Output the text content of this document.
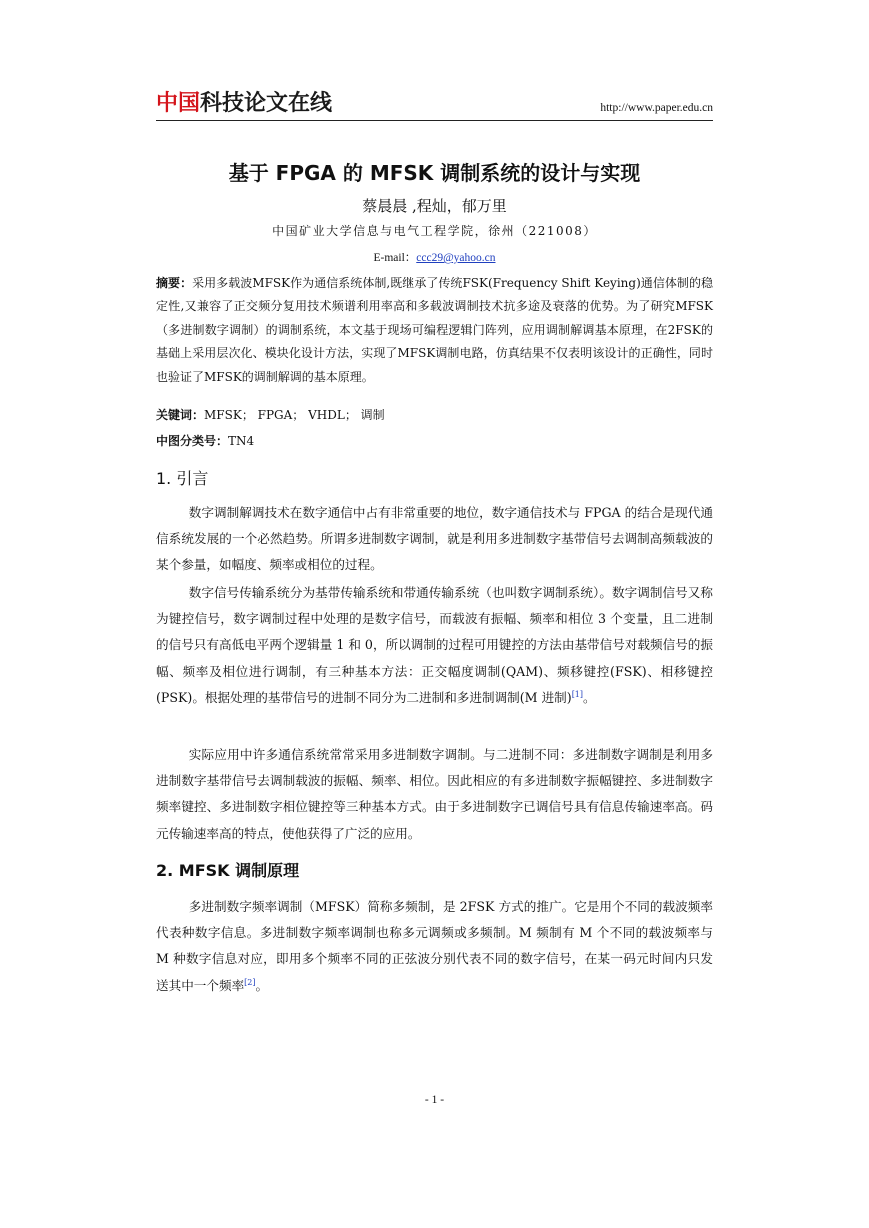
中国科技论文在线	http://www.paper.edu.cn
基于 FPGA 的 MFSK 调制系统的设计与实现
蔡晨晨 ,程灿，郁万里
中国矿业大学信息与电气工程学院，徐州（221008）
E-mail：ccc29@yahoo.cn
摘要：采用多载波MFSK作为通信系统体制,既继承了传统FSK(Frequency Shift Keying)通信体制的稳定性,又兼容了正交频分复用技术频谱利用率高和多载波调制技术抗多途及衰落的优势。为了研究MFSK（多进制数字调制）的调制系统，本文基于现场可编程逻辑门阵列，应用调制解调基本原理，在2FSK的基础上采用层次化、模块化设计方法，实现了MFSK调制电路，仿真结果不仅表明该设计的正确性，同时也验证了MFSK的调制解调的基本原理。
关键词：MFSK； FPGA； VHDL； 调制
中图分类号：TN4
1. 引言
数字调制解调技术在数字通信中占有非常重要的地位，数字通信技术与 FPGA 的结合是现代通信系统发展的一个必然趋势。所谓多进制数字调制，就是利用多进制数字基带信号去调制高频载波的某个参量，如幅度、频率或相位的过程。
数字信号传输系统分为基带传输系统和带通传输系统（也叫数字调制系统）。数字调制信号又称为键控信号，数字调制过程中处理的是数字信号，而载波有振幅、频率和相位 3 个变量，且二进制的信号只有高低电平两个逻辑量 1 和 0，所以调制的过程可用键控的方法由基带信号对载频信号的振幅、频率及相位进行调制，有三种基本方法：正交幅度调制(QAM)、频移键控(FSK)、相移键控(PSK)。根据处理的基带信号的进制不同分为二进制和多进制调制(M 进制)[1]。
实际应用中许多通信系统常常采用多进制数字调制。与二进制不同：多进制数字调制是利用多进制数字基带信号去调制载波的振幅、频率、相位。因此相应的有多进制数字振幅键控、多进制数字频率键控、多进制数字相位键控等三种基本方式。由于多进制数字已调信号具有信息传输速率高。码元传输速率高的特点，使他获得了广泛的应用。
2. MFSK 调制原理
多进制数字频率调制（MFSK）简称多频制，是 2FSK 方式的推广。它是用个不同的载波频率代表种数字信息。多进制数字频率调制也称多元调频或多频制。M 频制有 M 个不同的载波频率与 M 种数字信息对应，即用多个频率不同的正弦波分别代表不同的数字信号，在某一码元时间内只发送其中一个频率[2]。
- 1 -
